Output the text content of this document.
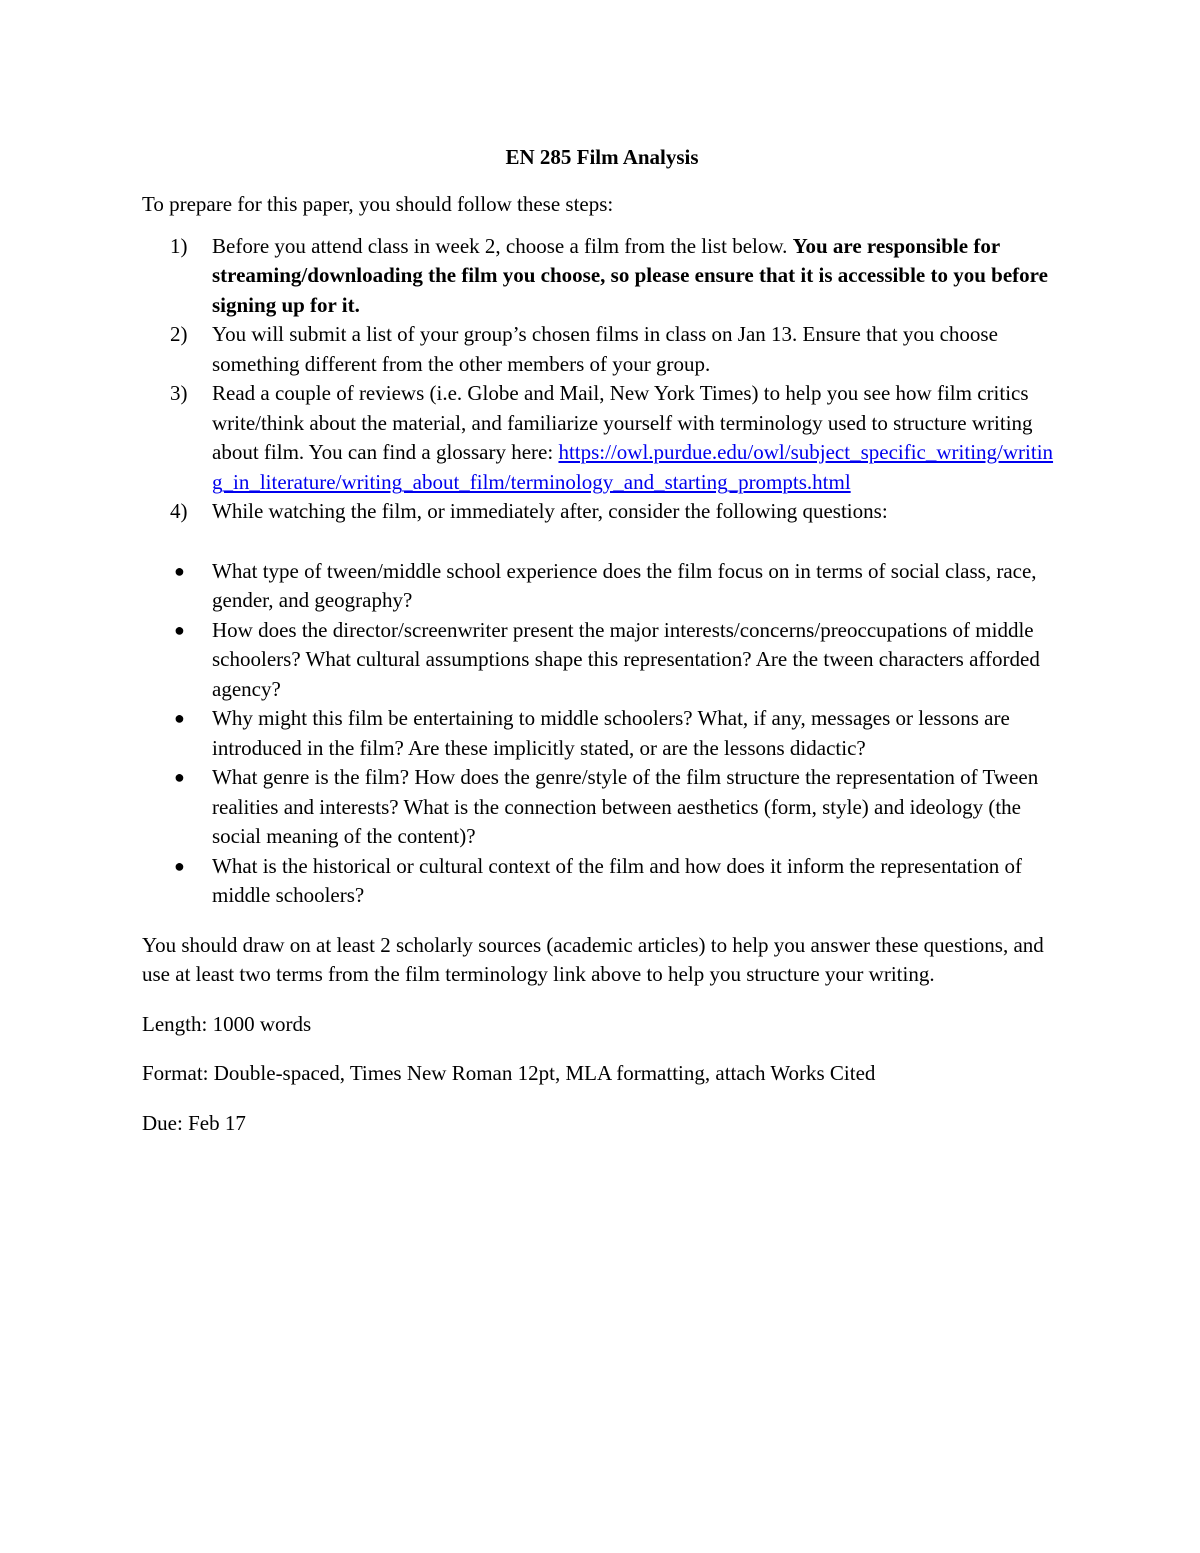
EN 285 Film Analysis
To prepare for this paper, you should follow these steps:
1) Before you attend class in week 2, choose a film from the list below. You are responsible for streaming/downloading the film you choose, so please ensure that it is accessible to you before signing up for it.
2) You will submit a list of your group’s chosen films in class on Jan 13. Ensure that you choose something different from the other members of your group.
3) Read a couple of reviews (i.e. Globe and Mail, New York Times) to help you see how film critics write/think about the material, and familiarize yourself with terminology used to structure writing about film. You can find a glossary here: https://owl.purdue.edu/owl/subject_specific_writing/writing_in_literature/writing_about_film/terminology_and_starting_prompts.html
4) While watching the film, or immediately after, consider the following questions:
● What type of tween/middle school experience does the film focus on in terms of social class, race, gender, and geography?
● How does the director/screenwriter present the major interests/concerns/preoccupations of middle schoolers? What cultural assumptions shape this representation? Are the tween characters afforded agency?
● Why might this film be entertaining to middle schoolers? What, if any, messages or lessons are introduced in the film? Are these implicitly stated, or are the lessons didactic?
● What genre is the film? How does the genre/style of the film structure the representation of Tween realities and interests? What is the connection between aesthetics (form, style) and ideology (the social meaning of the content)?
● What is the historical or cultural context of the film and how does it inform the representation of middle schoolers?
You should draw on at least 2 scholarly sources (academic articles) to help you answer these questions, and use at least two terms from the film terminology link above to help you structure your writing.
Length: 1000 words
Format: Double-spaced, Times New Roman 12pt, MLA formatting, attach Works Cited
Due: Feb 17
